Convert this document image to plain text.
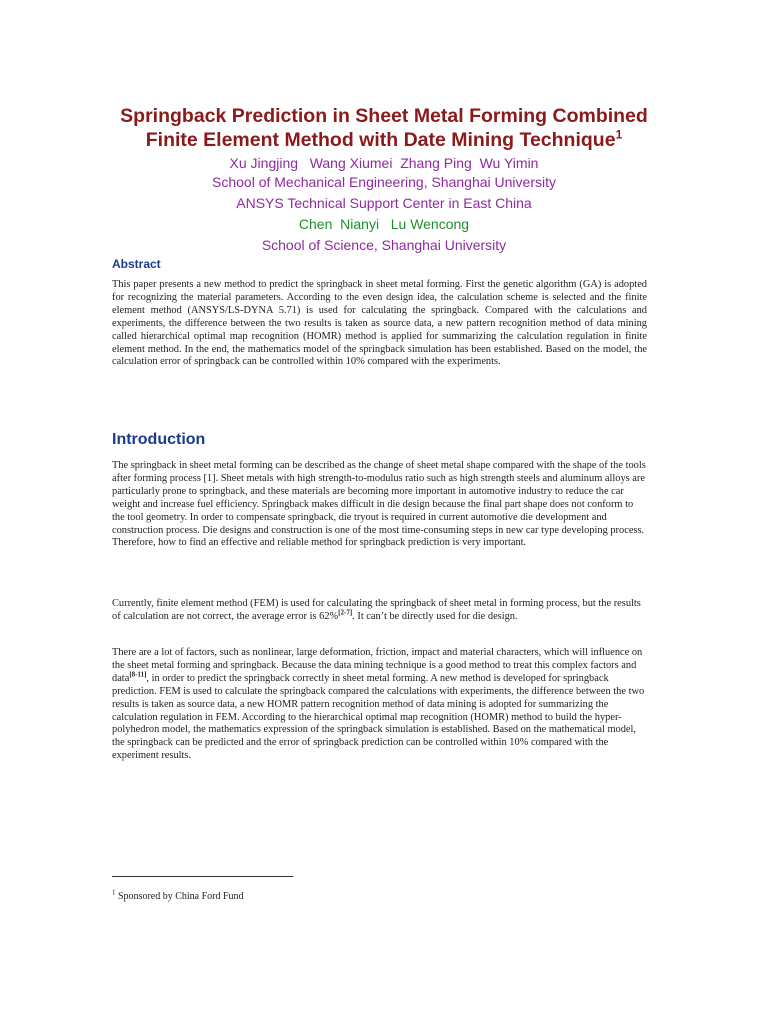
Springback Prediction in Sheet Metal Forming Combined
Finite Element Method with Date Mining Technique$^1$
Xu Jingjing   Wang Xiumei  Zhang Ping  Wu Yimin
School of Mechanical Engineering, Shanghai University
ANSYS Technical Support Center in East China
Chen  Nianyi   Lu Wencong
School of Science, Shanghai University
Abstract

This paper presents a new method to predict the springback in sheet metal forming. First the genetic algorithm (GA) is adopted for recognizing the material parameters. According to the even design idea, the calculation scheme is selected and the finite element method (ANSYS/LS-DYNA 5.71) is used for calculating the springback. Compared with the calculations and experiments, the difference between the two results is taken as source data, a new pattern recognition method of data mining called hierarchical optimal map recognition (HOMR) method is applied for summarizing the calculation regulation in finite element method. In the end, the mathematics model of the springback simulation has been established. Based on the model, the calculation error of springback can be controlled within 10% compared with the experiments.

Introduction

The springback in sheet metal forming can be described as the change of sheet metal shape compared with the shape of the tools after forming process [1]. Sheet metals with high strength-to-modulus ratio such as high strength steels and aluminum alloys are particularly prone to springback, and these materials are becoming more important in automotive industry to reduce the car weight and increase fuel efficiency. Springback makes difficult in die design because the final part shape does not conform to the tool geometry. In order to compensate springback, die tryout is required in current automotive die development and construction process. Die designs and construction is one of the most time-consuming steps in new car type developing process. Therefore, how to find an effective and reliable method for springback prediction is very important.

Currently, finite element method (FEM) is used for calculating the springback of sheet metal in forming process, but the results of calculation are not correct, the average error is 62%[2-7]. It can’t be directly used for die design.

There are a lot of factors, such as nonlinear, large deformation, friction, impact and material characters, which will influence on the sheet metal forming and springback. Because the data mining technique is a good method to treat this complex factors and data[8-11], in order to predict the springback correctly in sheet metal forming. A new method is developed for springback prediction. FEM is used to calculate the springback compared the calculations with experiments, the difference between the two results is taken as source data, a new HOMR pattern recognition method of data mining is adopted for summarizing the calculation regulation in FEM. According to the hierarchical optimal map recognition (HOMR) method to build the hyper-polyhedron model, the mathematics expression of the springback simulation is established. Based on the mathematical model, the springback can be predicted and the error of springback prediction can be controlled within 10% compared with the experiment results.

$^1$ Sponsored by China Ford Fund
